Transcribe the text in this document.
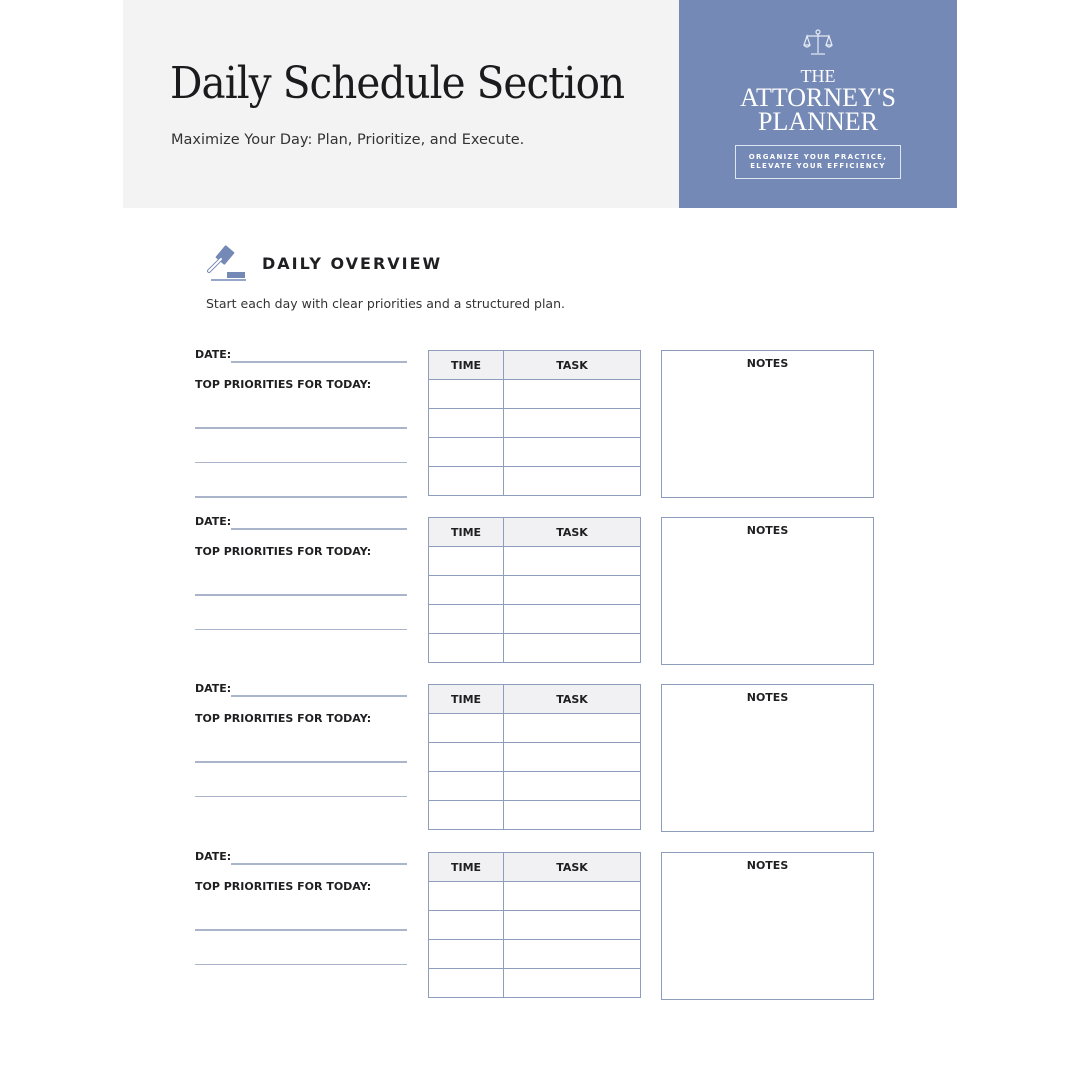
Daily Schedule Section
Maximize Your Day: Plan, Prioritize, and Execute.
THE
ATTORNEY'S
PLANNER
ORGANIZE YOUR PRACTICE,
ELEVATE YOUR EFFICIENCY
DAILY OVERVIEW
Start each day with clear priorities and a structured plan.
DATE:
TOP PRIORITIES FOR TODAY:
TIME	TASK

		NOTES
DATE:
TOP PRIORITIES FOR TODAY:
TIME	TASK

		NOTES
DATE:
TOP PRIORITIES FOR TODAY:
TIME	TASK

		NOTES
DATE:
TOP PRIORITIES FOR TODAY:
TIME	TASK

		NOTES
